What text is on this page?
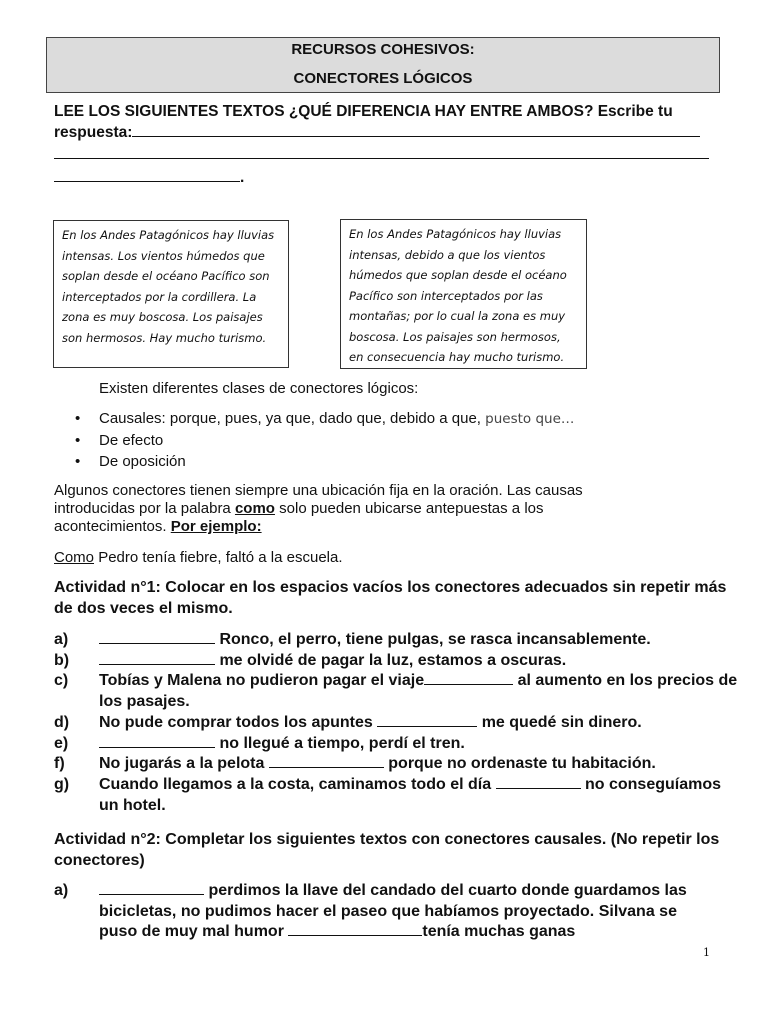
RECURSOS COHESIVOS:
CONECTORES LÓGICOS
LEE LOS SIGUIENTES TEXTOS ¿QUÉ DIFERENCIA HAY ENTRE AMBOS? Escribe tu
respuesta:
.
En los Andes Patagónicos hay lluvias intensas. Los vientos húmedos que soplan desde el océano Pacífico son interceptados por la cordillera. La zona es muy boscosa. Los paisajes son hermosos. Hay mucho turismo.
En los Andes Patagónicos hay lluvias intensas, debido a que los vientos húmedos que soplan desde el océano Pacífico son interceptados por las montañas; por lo cual la zona es muy boscosa. Los paisajes son hermosos, en consecuencia hay mucho turismo.
Existen diferentes clases de conectores lógicos:
• Causales: porque, pues, ya que, dado que, debido a que, puesto que…
• De efecto
• De oposición
Algunos conectores tienen siempre una ubicación fija en la oración. Las causas introducidas por la palabra como solo pueden ubicarse antepuestas a los acontecimientos. Por ejemplo:
Como Pedro tenía fiebre, faltó a la escuela.
Actividad n°1: Colocar en los espacios vacíos los conectores adecuados sin repetir más de dos veces el mismo.
a)	Ronco, el perro, tiene pulgas, se rasca incansablemente.
b)	me olvidé de pagar la luz, estamos a oscuras.
c) Tobías y Malena no pudieron pagar el viaje	al aumento en los precios de los pasajes.
d) No pude comprar todos los apuntes	me quedé sin dinero.
e)	no llegué a tiempo, perdí el tren.
f) No jugarás a la pelota	porque no ordenaste tu habitación.
g) Cuando llegamos a la costa, caminamos todo el día	no conseguíamos un hotel.
Actividad n°2: Completar los siguientes textos con conectores causales. (No repetir los conectores)
a)	perdimos la llave del candado del cuarto donde guardamos las bicicletas, no pudimos hacer el paseo que habíamos proyectado. Silvana se puso de muy mal humor	tenía muchas ganas
1
